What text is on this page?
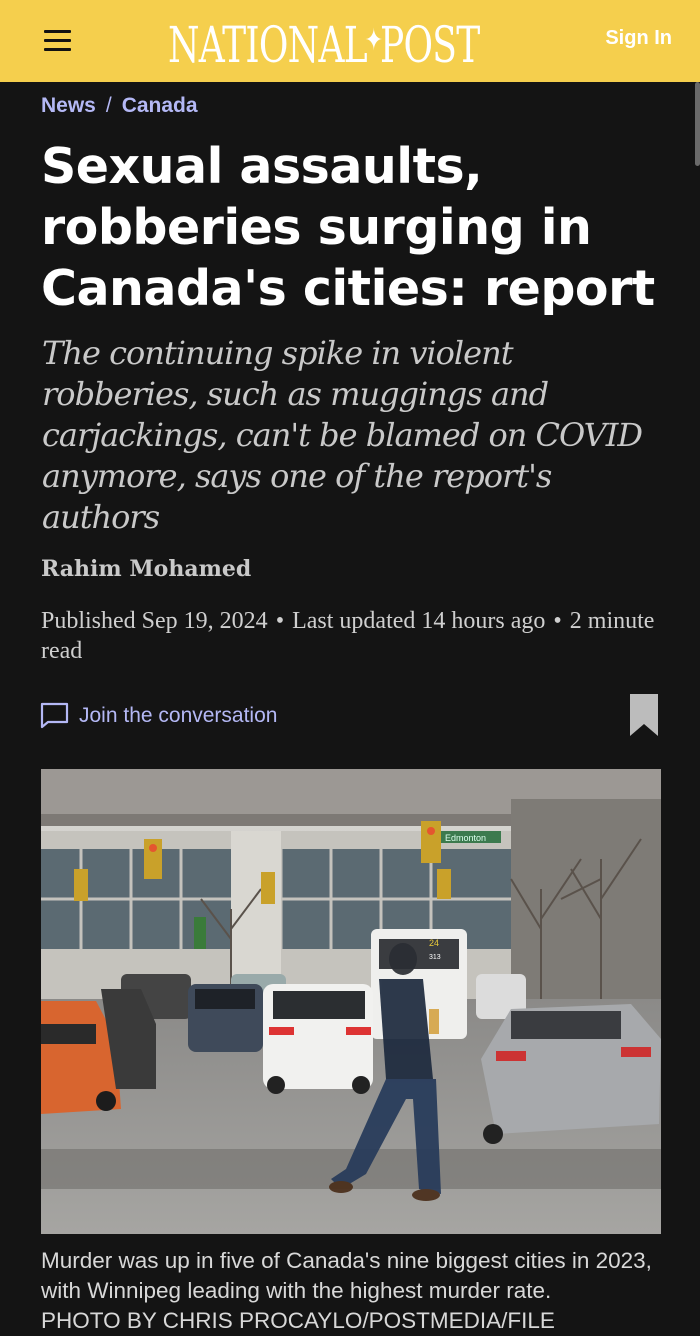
NATIONAL✦POST	Sign In
News / Canada
Sexual assaults, robberies surging in Canada's cities: report

The continuing spike in violent robberies, such as muggings and carjackings, can't be blamed on COVID anymore, says one of the report's authors

Rahim Mohamed
Published Sep 19, 2024 • Last updated 14 hours ago • 2 minute read
Join the conversation
Edmonton
24
313

Murder was up in five of Canada's nine biggest cities in 2023, with Winnipeg leading with the highest murder rate.
PHOTO BY CHRIS PROCAYLO/POSTMEDIA/FILE
